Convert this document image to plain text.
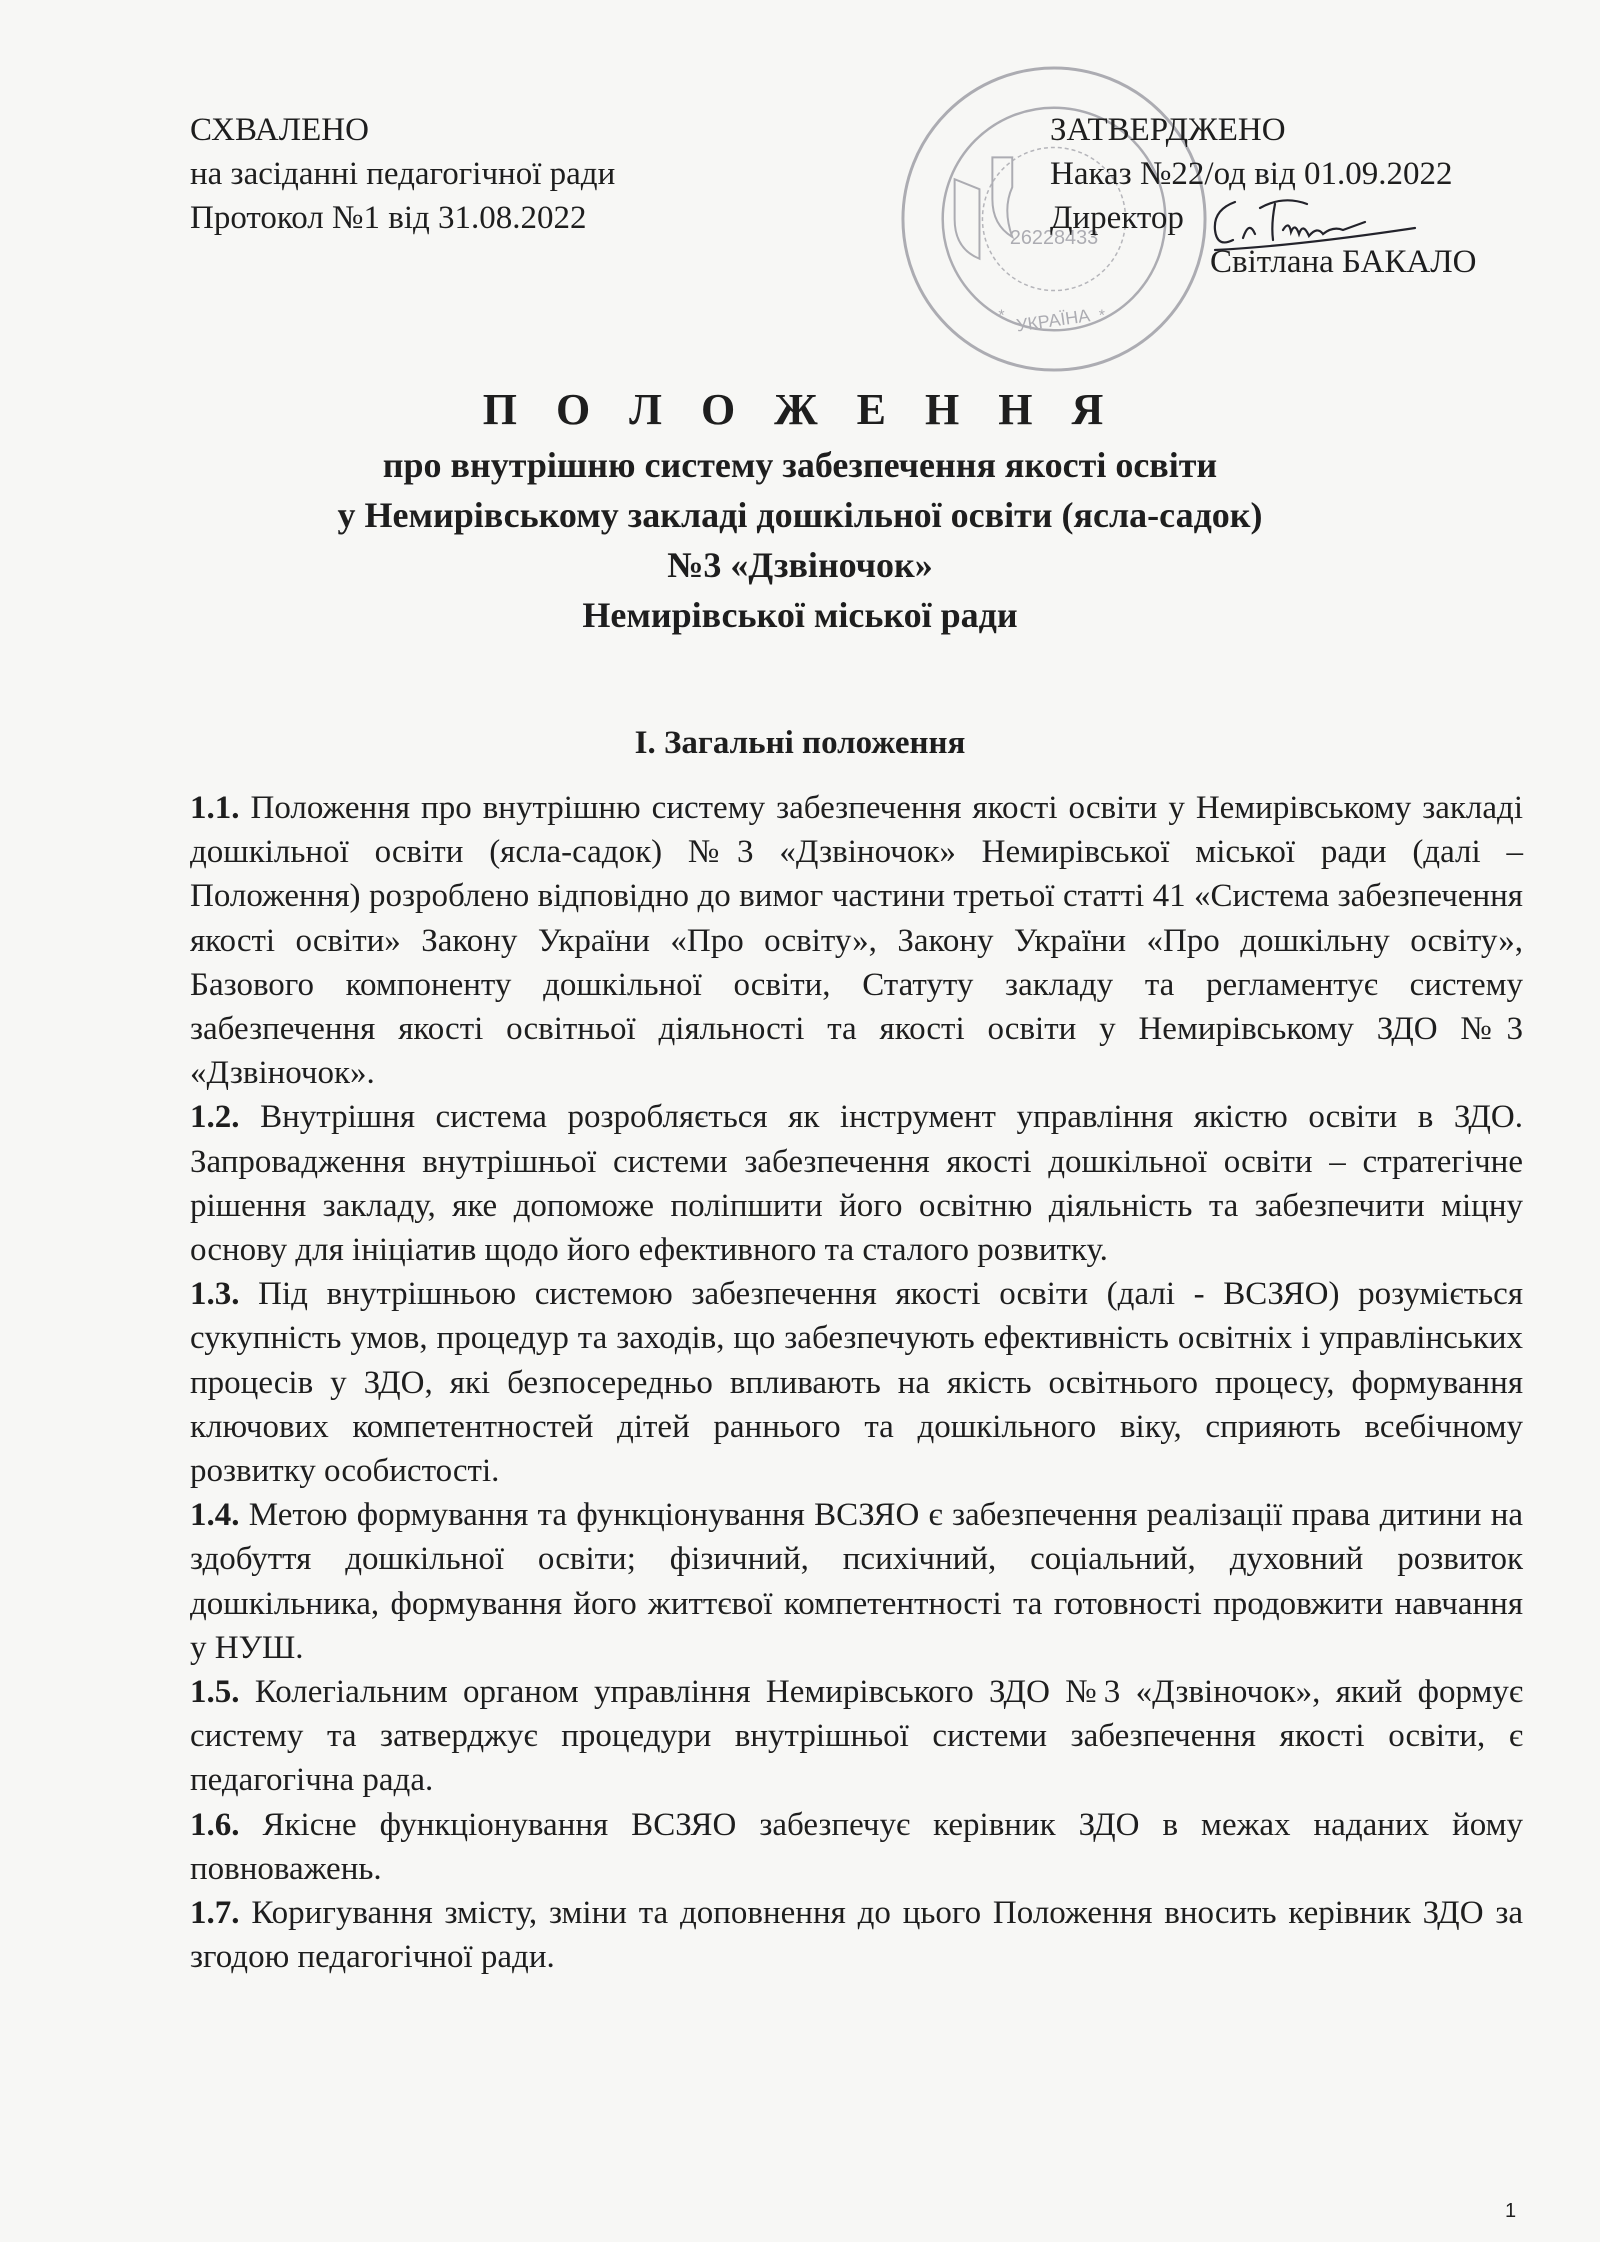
СХВАЛЕНО
на засіданні педагогічної ради
Протокол №1 від 31.08.2022
26228433
УКРАЇНА
*	*
ЗАТВЕРДЖЕНО
Наказ №22/од від 01.09.2022
Директор
Світлана БАКАЛО
П О Л О Ж Е Н Н Я
про внутрішню систему забезпечення якості освіти
у Немирівському закладі дошкільної освіти (ясла-садок)
№3 «Дзвіночок»
Немирівської міської ради
І. Загальні положення

1.1. Положення про внутрішню систему забезпечення якості освіти у Немирівському закладі дошкільної освіти (ясла-садок) №3 «Дзвіночок» Немирівської міської ради (далі – Положення) розроблено відповідно до вимог частини третьої статті 41 «Система забезпечення якості освіти» Закону України «Про освіту», Закону України «Про дошкільну освіту», Базового компоненту дошкільної освіти, Статуту закладу та регламентує систему забезпечення якості освітньої діяльності та якості освіти у Немирівському ЗДО №3 «Дзвіночок».

1.2. Внутрішня система розробляється як інструмент управління якістю освіти в ЗДО. Запровадження внутрішньої системи забезпечення якості дошкільної освіти – стратегічне рішення закладу, яке допоможе поліпшити його освітню діяльність та забезпечити міцну основу для ініціатив щодо його ефективного та сталого розвитку.

1.3. Під внутрішньою системою забезпечення якості освіти (далі - ВСЗЯО) розуміється сукупність умов, процедур та заходів, що забезпечують ефективність освітніх і управлінських процесів у ЗДО, які безпосередньо впливають на якість освітнього процесу, формування ключових компетентностей дітей раннього та дошкільного віку, сприяють всебічному розвитку особистості.

1.4. Метою формування та функціонування ВСЗЯО є забезпечення реалізації права дитини на здобуття дошкільної освіти; фізичний, психічний, соціальний, духовний розвиток дошкільника, формування його життєвої компетентності та готовності продовжити навчання у НУШ.

1.5. Колегіальним органом управління Немирівського ЗДО №3 «Дзвіночок», який формує систему та затверджує процедури внутрішньої системи забезпечення якості освіти, є педагогічна рада.

1.6. Якісне функціонування ВСЗЯО забезпечує керівник ЗДО в межах наданих йому повноважень.

1.7. Коригування змісту, зміни та доповнення до цього Положення вносить керівник ЗДО за згодою педагогічної ради.

1
